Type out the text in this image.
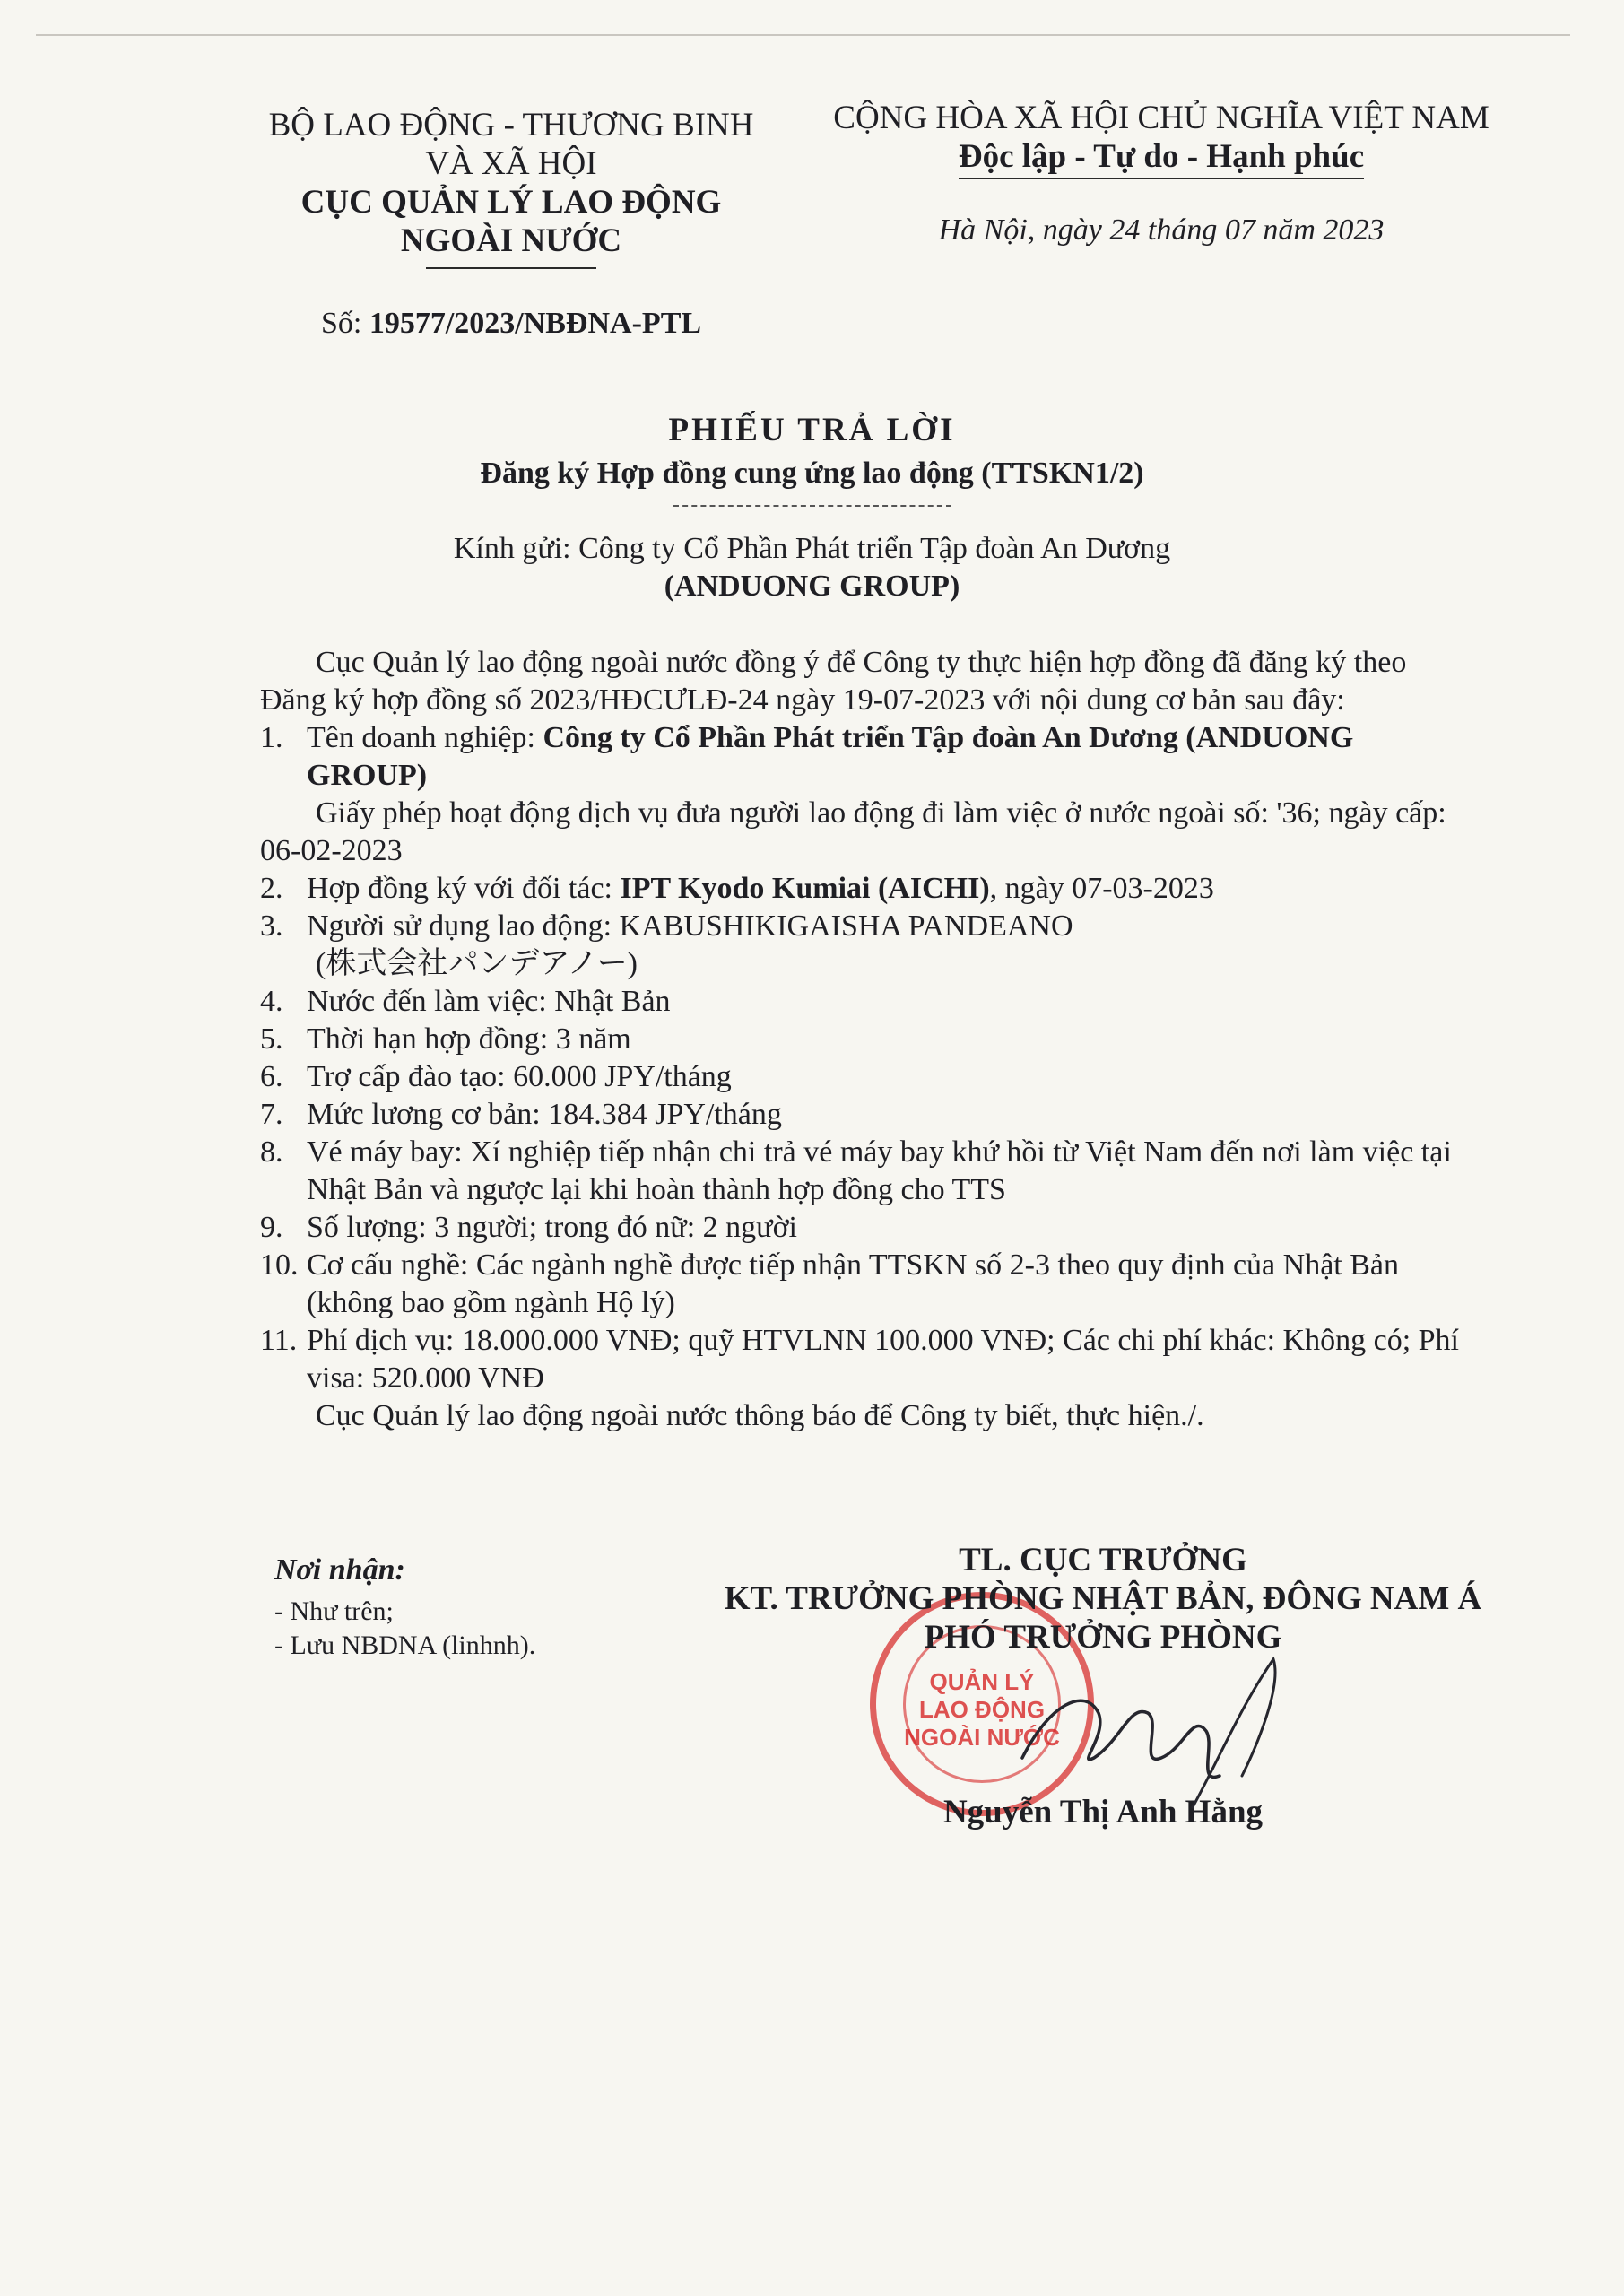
BỘ LAO ĐỘNG - THƯƠNG BINH
VÀ XÃ HỘI
CỤC QUẢN LÝ LAO ĐỘNG
NGOÀI NƯỚC
Số: 19577/2023/NBĐNA-PTL
CỘNG HÒA XÃ HỘI CHỦ NGHĨA VIỆT NAM
Độc lập - Tự do - Hạnh phúc
Hà Nội, ngày 24 tháng 07 năm 2023
PHIẾU TRẢ LỜI
Đăng ký Hợp đồng cung ứng lao động (TTSKN1/2)
Kính gửi: Công ty Cổ Phần Phát triển Tập đoàn An Dương
(ANDUONG GROUP)

Cục Quản lý lao động ngoài nước đồng ý để Công ty thực hiện hợp đồng đã đăng ký theo Đăng ký hợp đồng số 2023/HĐCƯLĐ-24 ngày 19-07-2023 với nội dung cơ bản sau đây:

1. Tên doanh nghiệp: Công ty Cổ Phần Phát triển Tập đoàn An Dương (ANDUONG GROUP)
Giấy phép hoạt động dịch vụ đưa người lao động đi làm việc ở nước ngoài số: '36; ngày cấp: 06-02-2023
2. Hợp đồng ký với đối tác: IPT Kyodo Kumiai (AICHI), ngày 07-03-2023
3. Người sử dụng lao động: KABUSHIKIGAISHA PANDEANO
(株式会社パンデアノー)
4. Nước đến làm việc: Nhật Bản
5. Thời hạn hợp đồng: 3 năm
6. Trợ cấp đào tạo: 60.000 JPY/tháng
7. Mức lương cơ bản: 184.384 JPY/tháng
8. Vé máy bay: Xí nghiệp tiếp nhận chi trả vé máy bay khứ hồi từ Việt Nam đến nơi làm việc tại Nhật Bản và ngược lại khi hoàn thành hợp đồng cho TTS
9. Số lượng: 3 người; trong đó nữ: 2 người
10. Cơ cấu nghề: Các ngành nghề được tiếp nhận TTSKN số 2-3 theo quy định của Nhật Bản (không bao gồm ngành Hộ lý)
11. Phí dịch vụ: 18.000.000 VNĐ; quỹ HTVLNN 100.000 VNĐ; Các chi phí khác: Không có; Phí visa: 520.000 VNĐ

Cục Quản lý lao động ngoài nước thông báo để Công ty biết, thực hiện./.

Nơi nhận:
- Như trên;
- Lưu NBDNA (linhnh).
QUẢN LÝ
LAO ĐỘNG
NGOÀI NƯỚC
TL. CỤC TRƯỞNG
KT. TRƯỞNG PHÒNG NHẬT BẢN, ĐÔNG NAM Á
PHÓ TRƯỞNG PHÒNG
Nguyễn Thị Anh Hằng
